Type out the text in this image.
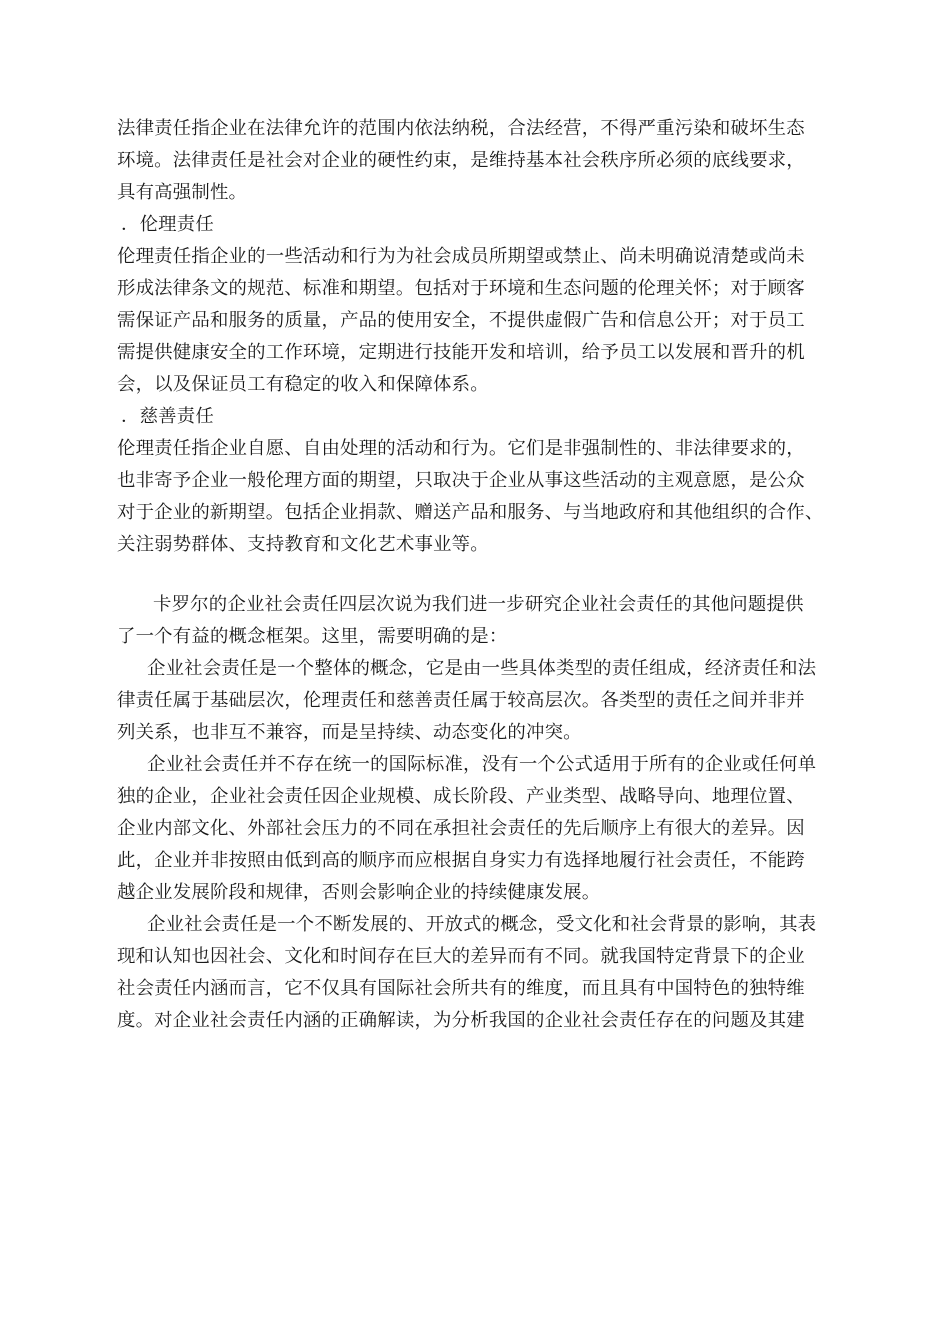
法律责任指企业在法律允许的范围内依法纳税，合法经营，不得严重污染和破坏生态
环境。法律责任是社会对企业的硬性约束，是维持基本社会秩序所必须的底线要求，
具有高强制性。
．伦理责任
伦理责任指企业的一些活动和行为为社会成员所期望或禁止、尚未明确说清楚或尚未
形成法律条文的规范、标准和期望。包括对于环境和生态问题的伦理关怀；对于顾客
需保证产品和服务的质量，产品的使用安全，不提供虚假广告和信息公开；对于员工
需提供健康安全的工作环境，定期进行技能开发和培训，给予员工以发展和晋升的机
会，以及保证员工有稳定的收入和保障体系。
．慈善责任
伦理责任指企业自愿、自由处理的活动和行为。它们是非强制性的、非法律要求的，
也非寄予企业一般伦理方面的期望，只取决于企业从事这些活动的主观意愿，是公众
对于企业的新期望。包括企业捐款、赠送产品和服务、与当地政府和其他组织的合作、
关注弱势群体、支持教育和文化艺术事业等。
卡罗尔的企业社会责任四层次说为我们进一步研究企业社会责任的其他问题提供
了一个有益的概念框架。这里，需要明确的是：
企业社会责任是一个整体的概念，它是由一些具体类型的责任组成，经济责任和法
律责任属于基础层次，伦理责任和慈善责任属于较高层次。各类型的责任之间并非并
列关系，也非互不兼容，而是呈持续、动态变化的冲突。
企业社会责任并不存在统一的国际标准，没有一个公式适用于所有的企业或任何单
独的企业，企业社会责任因企业规模、成长阶段、产业类型、战略导向、地理位置、
企业内部文化、外部社会压力的不同在承担社会责任的先后顺序上有很大的差异。因
此，企业并非按照由低到高的顺序而应根据自身实力有选择地履行社会责任，不能跨
越企业发展阶段和规律，否则会影响企业的持续健康发展。
企业社会责任是一个不断发展的、开放式的概念，受文化和社会背景的影响，其表
现和认知也因社会、文化和时间存在巨大的差异而有不同。就我国特定背景下的企业
社会责任内涵而言，它不仅具有国际社会所共有的维度，而且具有中国特色的独特维
度。对企业社会责任内涵的正确解读，为分析我国的企业社会责任存在的问题及其建
